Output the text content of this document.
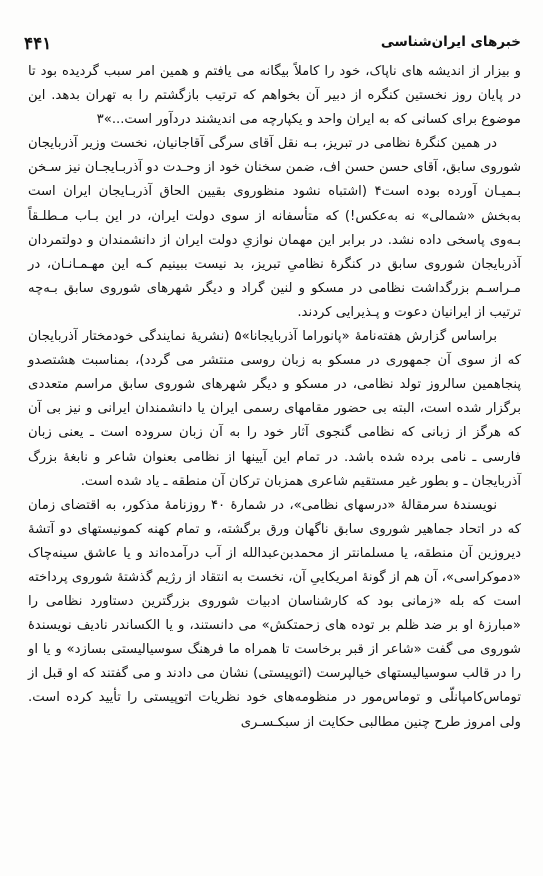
۴۴۱	خبرهای ایران‌شناسی

و بیزار از اندیشه های ناپاک، خود را کاملاً بیگانه می یافتم و همین امر سبب گردیده بود تا در پایان روز نخستین کنگره از دبیر آن بخواهم که ترتیب بازگشتم را به تهران بدهد. این موضوع برای کسانی که به ایران واحد و یکپارچه می اندیشند دردآور است...»۳

در همین کنگرهٔ نظامی در تبریز، بـه نقل آقای سرگی آقاجانیان، نخست وزیر آذربایجان شوروی سابق، آقای حسن حسن اف، ضمن سخنان خود از وحـدت دو آذربـایجـان نیز سـخن بـمیـان آورده بوده است۴ (اشتباه نشود منظوروی بقیین الحاق آذربـایجان ایران است به‌بخش «شمالی» نه به‌عکس!) که متأسفانه از سوی دولت ایران، در این بـاب مـطلـقاً بـه‌وی پاسخی داده نشد. در برابر این مهمان نوازیِ دولت ایران از دانشمندان و دولتمردان آذربایجان شوروی سابق در کنگرهٔ نظامیِ تبریز، بد نیست ببینیم کـه این مهـمـانـان، در مـراسـم بزرگداشت نظامی در مسکو و لنین گراد و دیگر شهرهای شوروی سابق بـه‌چه ترتیب از ایرانیان دعوت و پـذیرایی کردند.

براساس گزارش هفته‌نامهٔ «پانوراما آذربایجانا»۵ (نشریهٔ نمایندگی خودمختار آذربایجان که از سوی آن جمهوری در مسکو به زبان روسی منتشر می گردد)، بمناسبت هشتصدو پنجاهمین سالروز تولد نظامی، در مسکو و دیگر شهرهای شوروی سابق مراسم متعددی برگزار شده است، البته بی حضور مقامهای رسمی ایران یا دانشمندان ایرانی و نیز بی آن که هرگز از زبانی که نظامی گنجوی آثار خود را به آن زبان سروده است ـ یعنی زبان فارسی ـ نامی برده شده باشد. در تمام این آیینها از نظامی بعنوان شاعر و نابغهٔ بزرگ آذربایجان ـ و بطور غیر مستقیم شاعری همزبان ترکان آن منطقه ـ یاد شده است.

نویسندهٔ سرمقالهٔ «درسهای نظامی»، در شمارهٔ ۴۰ روزنامهٔ مذکور، به اقتضای زمان که در اتحاد جماهیر شوروی سابق ناگهان ورق برگشته، و تمام کهنه کمونیستهای دو آتشهٔ دیروزین آن منطقه، یا مسلمانتر از محمدبن‌عبدالله از آب درآمده‌اند و یا عاشق سینه‌چاک «دموکراسی»، آن هم از گونهٔ امریکاییِ آن، نخست به انتقاد از رژیم گذشتهٔ شوروی پرداخته است که بله «زمانی بود که کارشناسان ادبیات شوروی بزرگترین دستاورد نظامی را «مبارزهٔ او بر ضد ظلم بر توده های زحمتکش» می دانستند، و یا الکساندر نادیف نویسندهٔ شوروی می گفت «شاعر از قبر برخاست تا همراه ما فرهنگ سوسیالیستی بسازد» و یا او را در قالب سوسیالیستهای خیالپرست (اتوپیستی) نشان می دادند و می گفتند که او قبل از توماس‌کامپانلّی و توماس‌مور در منظومه‌های خود نظریات اتوپیستی را تأیید کرده است. ولی امروز طرح چنین مطالبی حکایت از سبکـسـری
